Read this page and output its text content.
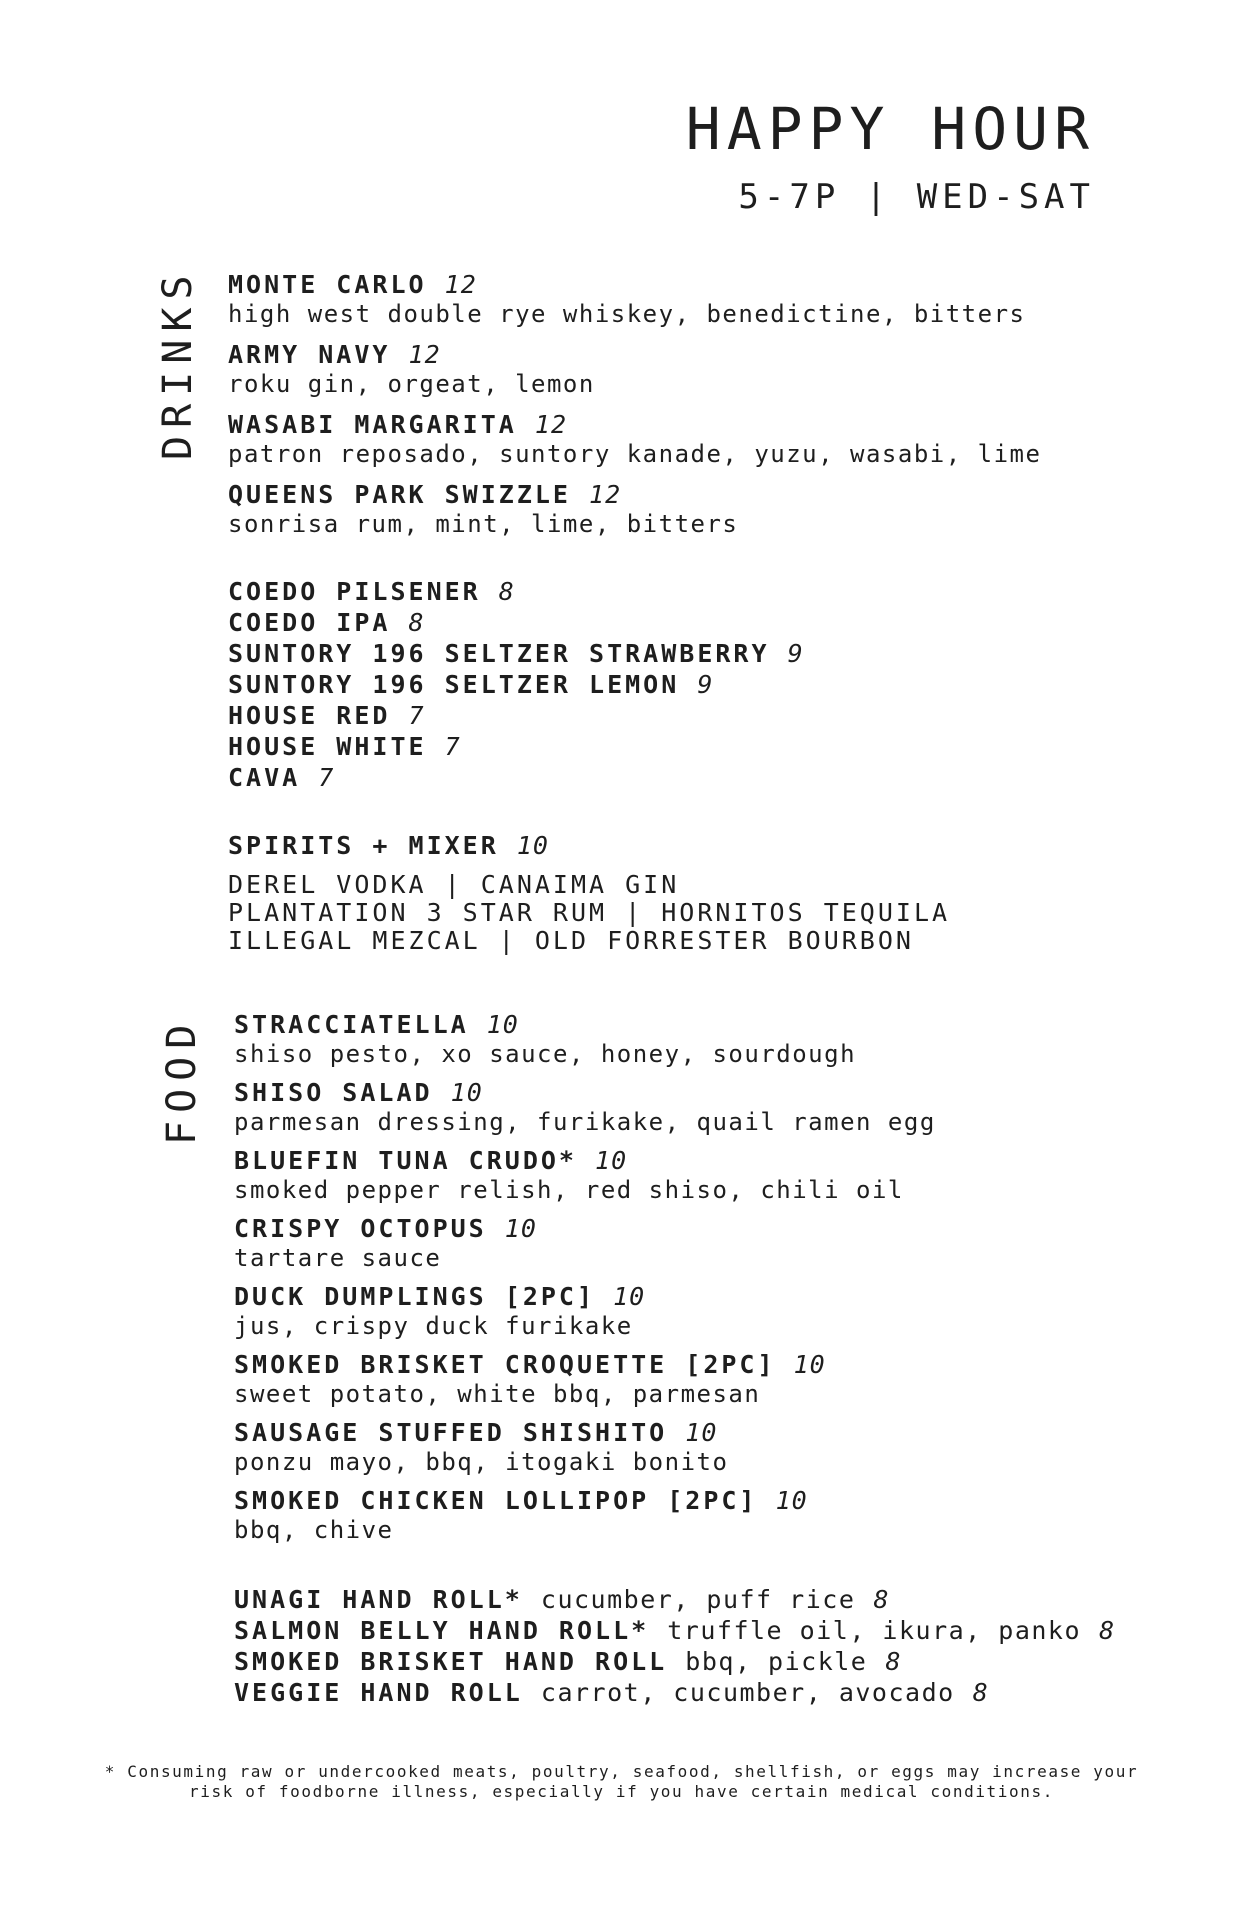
HAPPY HOUR
5-7P | WED-SAT
DRINKS
FOOD
MONTE CARLO 12
high west double rye whiskey, benedictine, bitters
ARMY NAVY 12
roku gin, orgeat, lemon
WASABI MARGARITA 12
patron reposado, suntory kanade, yuzu, wasabi, lime
QUEENS PARK SWIZZLE 12
sonrisa rum, mint, lime, bitters
COEDO PILSENER 8
COEDO IPA 8
SUNTORY 196 SELTZER STRAWBERRY 9
SUNTORY 196 SELTZER LEMON 9
HOUSE RED 7
HOUSE WHITE 7
CAVA 7
SPIRITS + MIXER 10
DEREL VODKA | CANAIMA GIN
PLANTATION 3 STAR RUM | HORNITOS TEQUILA
ILLEGAL MEZCAL | OLD FORRESTER BOURBON
STRACCIATELLA 10
shiso pesto, xo sauce, honey, sourdough
SHISO SALAD 10
parmesan dressing, furikake, quail ramen egg
BLUEFIN TUNA CRUDO* 10
smoked pepper relish, red shiso, chili oil
CRISPY OCTOPUS 10
tartare sauce
DUCK DUMPLINGS [2PC] 10
jus, crispy duck furikake
SMOKED BRISKET CROQUETTE [2PC] 10
sweet potato, white bbq, parmesan
SAUSAGE STUFFED SHISHITO 10
ponzu mayo, bbq, itogaki bonito
SMOKED CHICKEN LOLLIPOP [2PC] 10
bbq, chive
UNAGI HAND ROLL* cucumber, puff rice 8
SALMON BELLY HAND ROLL* truffle oil, ikura, panko 8
SMOKED BRISKET HAND ROLL bbq, pickle 8
VEGGIE HAND ROLL carrot, cucumber, avocado 8
* Consuming raw or undercooked meats, poultry, seafood, shellfish, or eggs may increase your
risk of foodborne illness, especially if you have certain medical conditions.
